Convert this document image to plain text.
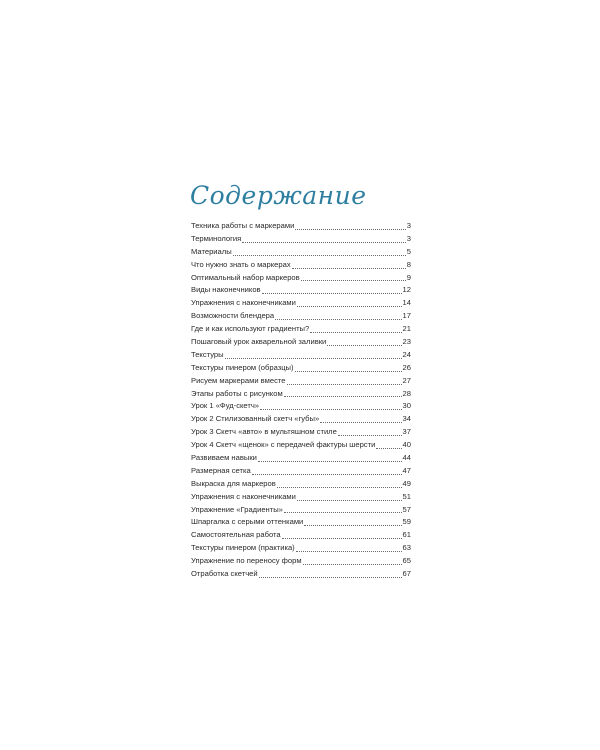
Содержание
Техника работы с маркерами	3
Терминология	3
Материалы	5
Что нужно знать о маркерах	8
Оптимальный набор маркеров	9
Виды наконечников	12
Упражнения с наконечниками	14
Возможности блендера	17
Где и как используют градиенты?	21
Пошаговый урок акварельной заливки	23
Текстуры	24
Текстуры пинером (образцы)	26
Рисуем маркерами вместе	27
Этапы работы с рисунком	28
Урок 1 «Фуд-скетч»	30
Урок 2 Стилизованный скетч «губы»	34
Урок 3 Скетч «авто» в мультяшном стиле	37
Урок 4 Скетч «щенок» с передачей фактуры шерсти	40
Развиваем навыки	44
Размерная сетка	47
Выкраска для маркеров	49
Упражнения с наконечниками	51
Упражнение «Градиенты»	57
Шпаргалка с серыми оттенками	59
Самостоятельная работа	61
Текстуры пинером (практика)	63
Упражнение по переносу форм	65
Отработка скетчей	67
